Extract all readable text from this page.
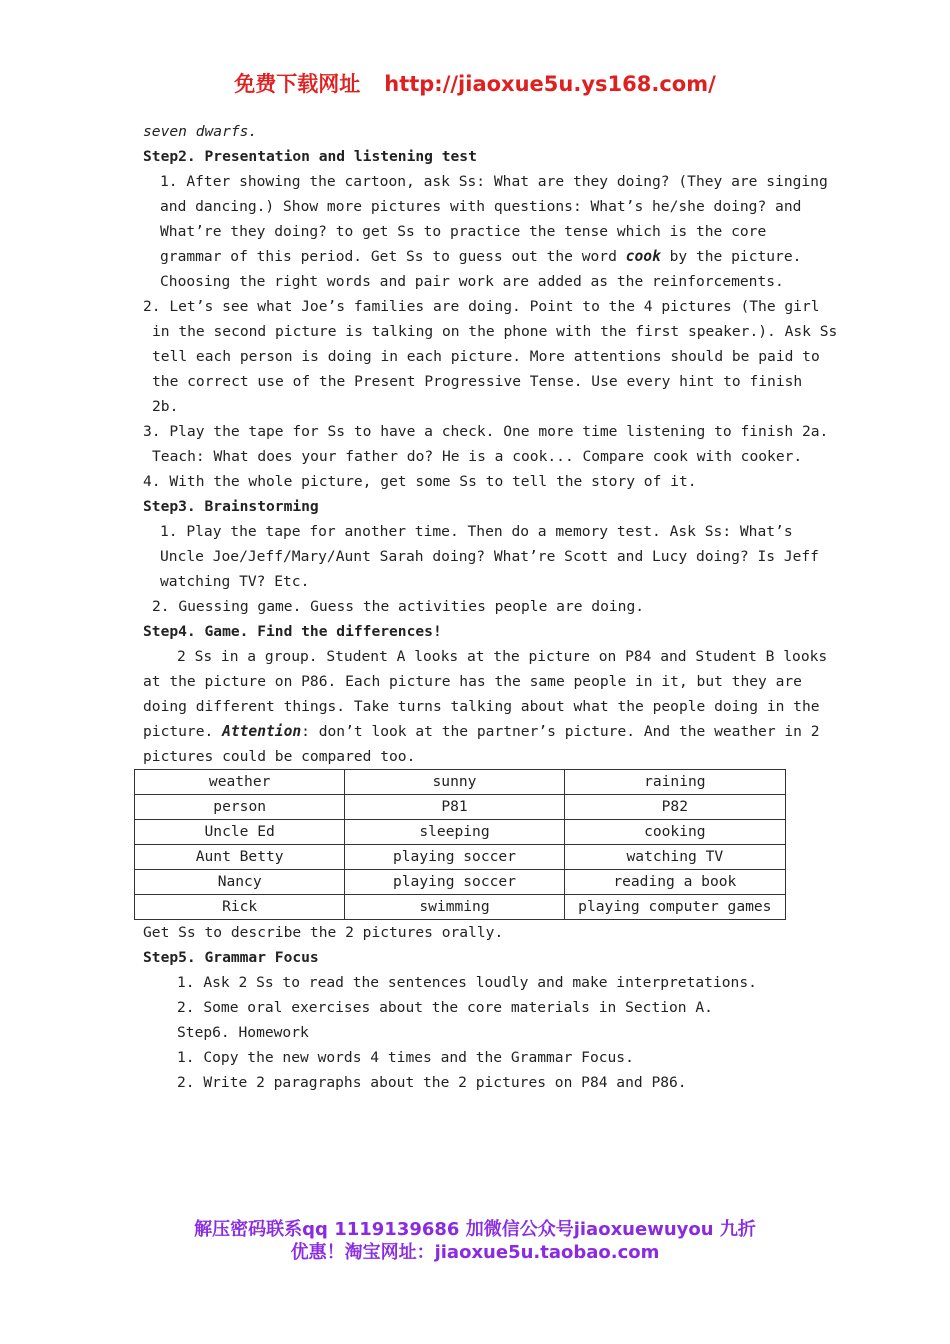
免费下载网址 http://jiaoxue5u.ys168.com/
seven dwarfs.
Step2. Presentation and listening test
1. After showing the cartoon, ask Ss: What are they doing? (They are singing
and dancing.) Show more pictures with questions: What’s he/she doing? and
What’re they doing? to get Ss to practice the tense which is the core
grammar of this period. Get Ss to guess out the word cook by the picture.
Choosing the right words and pair work are added as the reinforcements.
2. Let’s see what Joe’s families are doing. Point to the 4 pictures (The girl
in the second picture is talking on the phone with the first speaker.). Ask Ss
tell each person is doing in each picture. More attentions should be paid to
the correct use of the Present Progressive Tense. Use every hint to finish
2b.
3. Play the tape for Ss to have a check. One more time listening to finish 2a.
Teach: What does your father do? He is a cook... Compare cook with cooker.
4. With the whole picture, get some Ss to tell the story of it.
Step3. Brainstorming
1. Play the tape for another time. Then do a memory test. Ask Ss: What’s
Uncle Joe/Jeff/Mary/Aunt Sarah doing? What’re Scott and Lucy doing? Is Jeff
watching TV? Etc.
2. Guessing game. Guess the activities people are doing.
Step4. Game. Find the differences!
2 Ss in a group. Student A looks at the picture on P84 and Student B looks
at the picture on P86. Each picture has the same people in it, but they are
doing different things. Take turns talking about what the people doing in the
picture. Attention: don’t look at the partner’s picture. And the weather in 2
pictures could be compared too.
weather	sunny	raining
person	P81	P82
Uncle Ed	sleeping	cooking
Aunt Betty	playing soccer	watching TV
Nancy	playing soccer	reading a book
Rick	swimming	playing computer games
Get Ss to describe the 2 pictures orally.
Step5. Grammar Focus
1. Ask 2 Ss to read the sentences loudly and make interpretations.
2. Some oral exercises about the core materials in Section A.
Step6. Homework
1. Copy the new words 4 times and the Grammar Focus.
2. Write 2 paragraphs about the 2 pictures on P84 and P86.
解压密码联系qq 1119139686 加微信公众号jiaoxuewuyou 九折
优惠！淘宝网址：jiaoxue5u.taobao.com
